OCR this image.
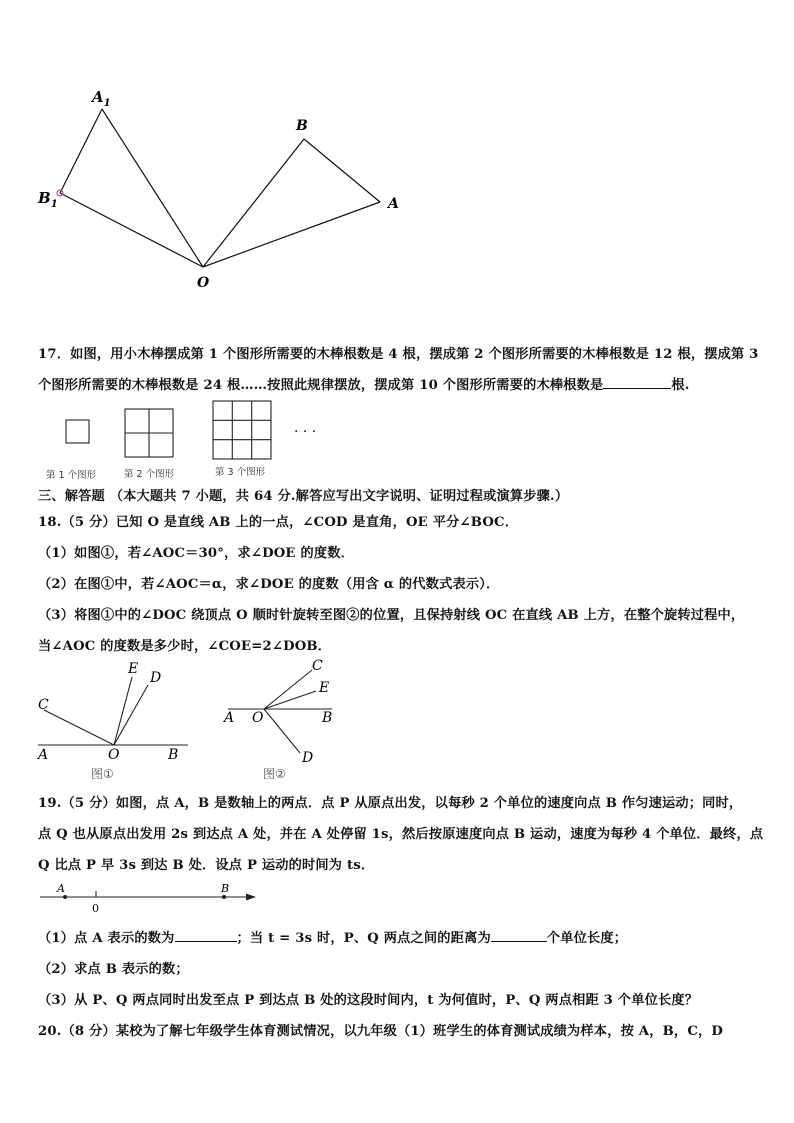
$A_1$
$B_1$
B
A
O
17．如图，用小木棒摆成第 1 个图形所需要的木棒根数是 4 根，摆成第 2 个图形所需要的木棒根数是 12 根，摆成第 3
个图形所需要的木棒根数是 24 根……按照此规律摆放，摆成第 10 个图形所需要的木棒根数是	根.
第 1 个图形	第 2 个图形	第 3 个图形
· · ·
三、解答题 （本大题共 7 小题，共 64 分.解答应写出文字说明、证明过程或演算步骤.）
18.（5 分）已知 O 是直线 AB 上的一点，∠COD 是直角，OE 平分∠BOC．
（1）如图①，若∠AOC＝30°，求∠DOE 的度数．
（2）在图①中，若∠AOC＝α，求∠DOE 的度数（用含 α 的代数式表示）．
（3）将图①中的∠DOC 绕顶点 O 顺时针旋转至图②的位置，且保持射线 OC 在直线 AB 上方，在整个旋转过程中，
当∠AOC 的度数是多少时，∠COE=2∠DOB．
C
E
D
A	O	B
图①
C
E
A O	B
D
图②
19.（5 分）如图，点 A，B 是数轴上的两点．点 P 从原点出发，以每秒 2 个单位的速度向点 B 作匀速运动；同时，
点 Q 也从原点出发用 2s 到达点 A 处，并在 A 处停留 1s，然后按原速度向点 B 运动，速度为每秒 4 个单位．最终，点
Q 比点 P 早 3s 到达 B 处．设点 P 运动的时间为 ts．
A
0
B
（1）点 A 表示的数为	；当 t = 3s 时，P、Q 两点之间的距离为	个单位长度；
（2）求点 B 表示的数；
（3）从 P、Q 两点同时出发至点 P 到达点 B 处的这段时间内，t 为何值时，P、Q 两点相距 3 个单位长度？
20.（8 分）某校为了解七年级学生体育测试情况，以九年级（1）班学生的体育测试成绩为样本，按 A，B，C，D
